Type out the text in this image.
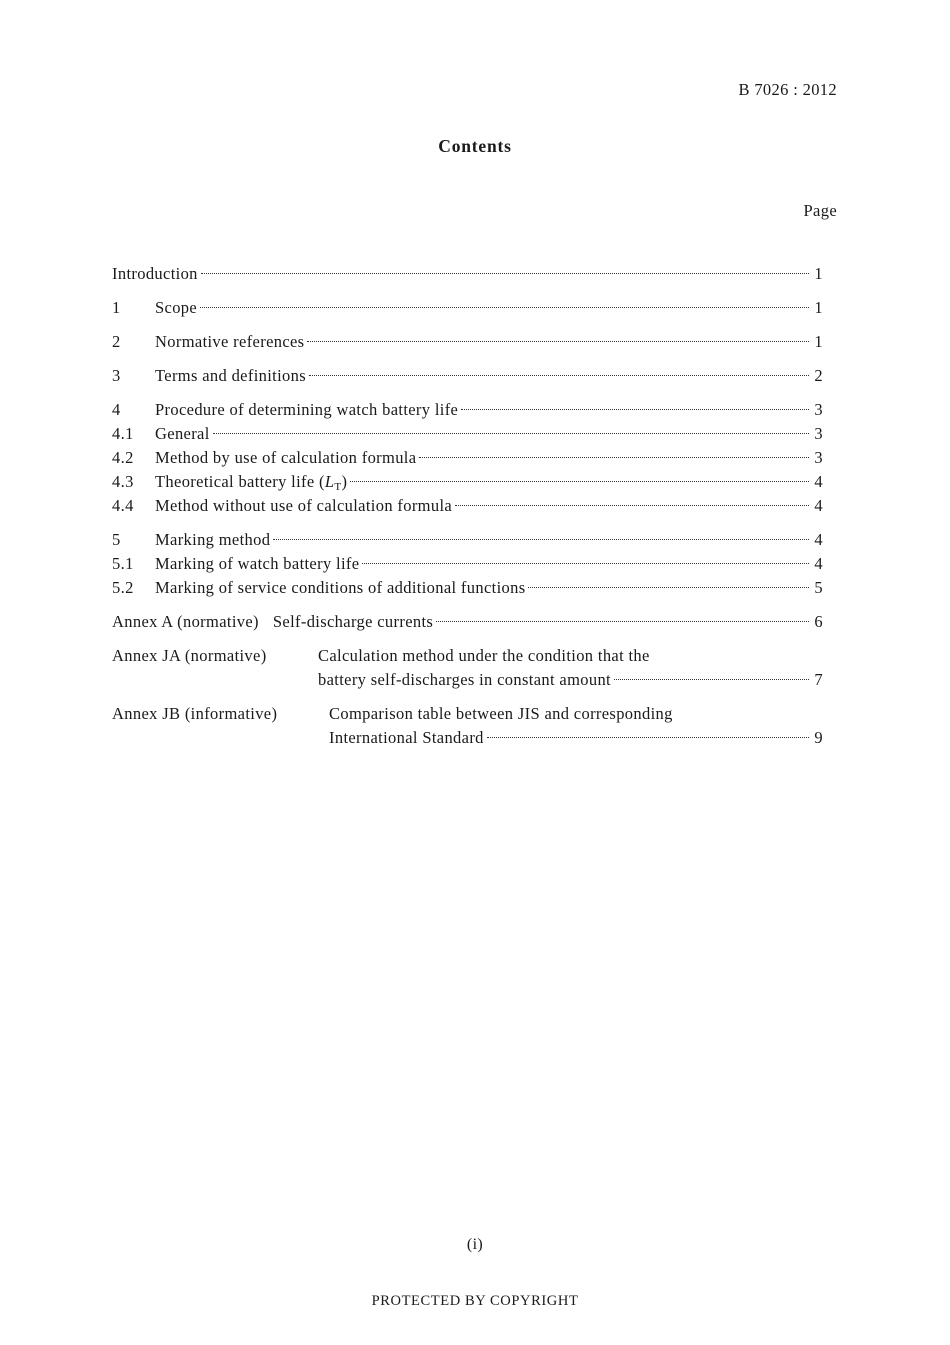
B 7026 : 2012
Contents
Page
Introduction	1
1	Scope	1
2	Normative references	1
3	Terms and definitions	2
4	Procedure of determining watch battery life	3
4.1	General	3
4.2	Method by use of calculation formula	3
4.3	Theoretical battery life (LT)	4
4.4	Method without use of calculation formula	4
5	Marking method	4
5.1	Marking of watch battery life	4
5.2	Marking of service conditions of additional functions	5
Annex A (normative) Self-discharge currents	6
Annex JA (normative)	Calculation method under the condition that the
battery self-discharges in constant amount	7
Annex JB (informative)	Comparison table between JIS and corresponding
International Standard	9
(i)
PROTECTED BY COPYRIGHT
